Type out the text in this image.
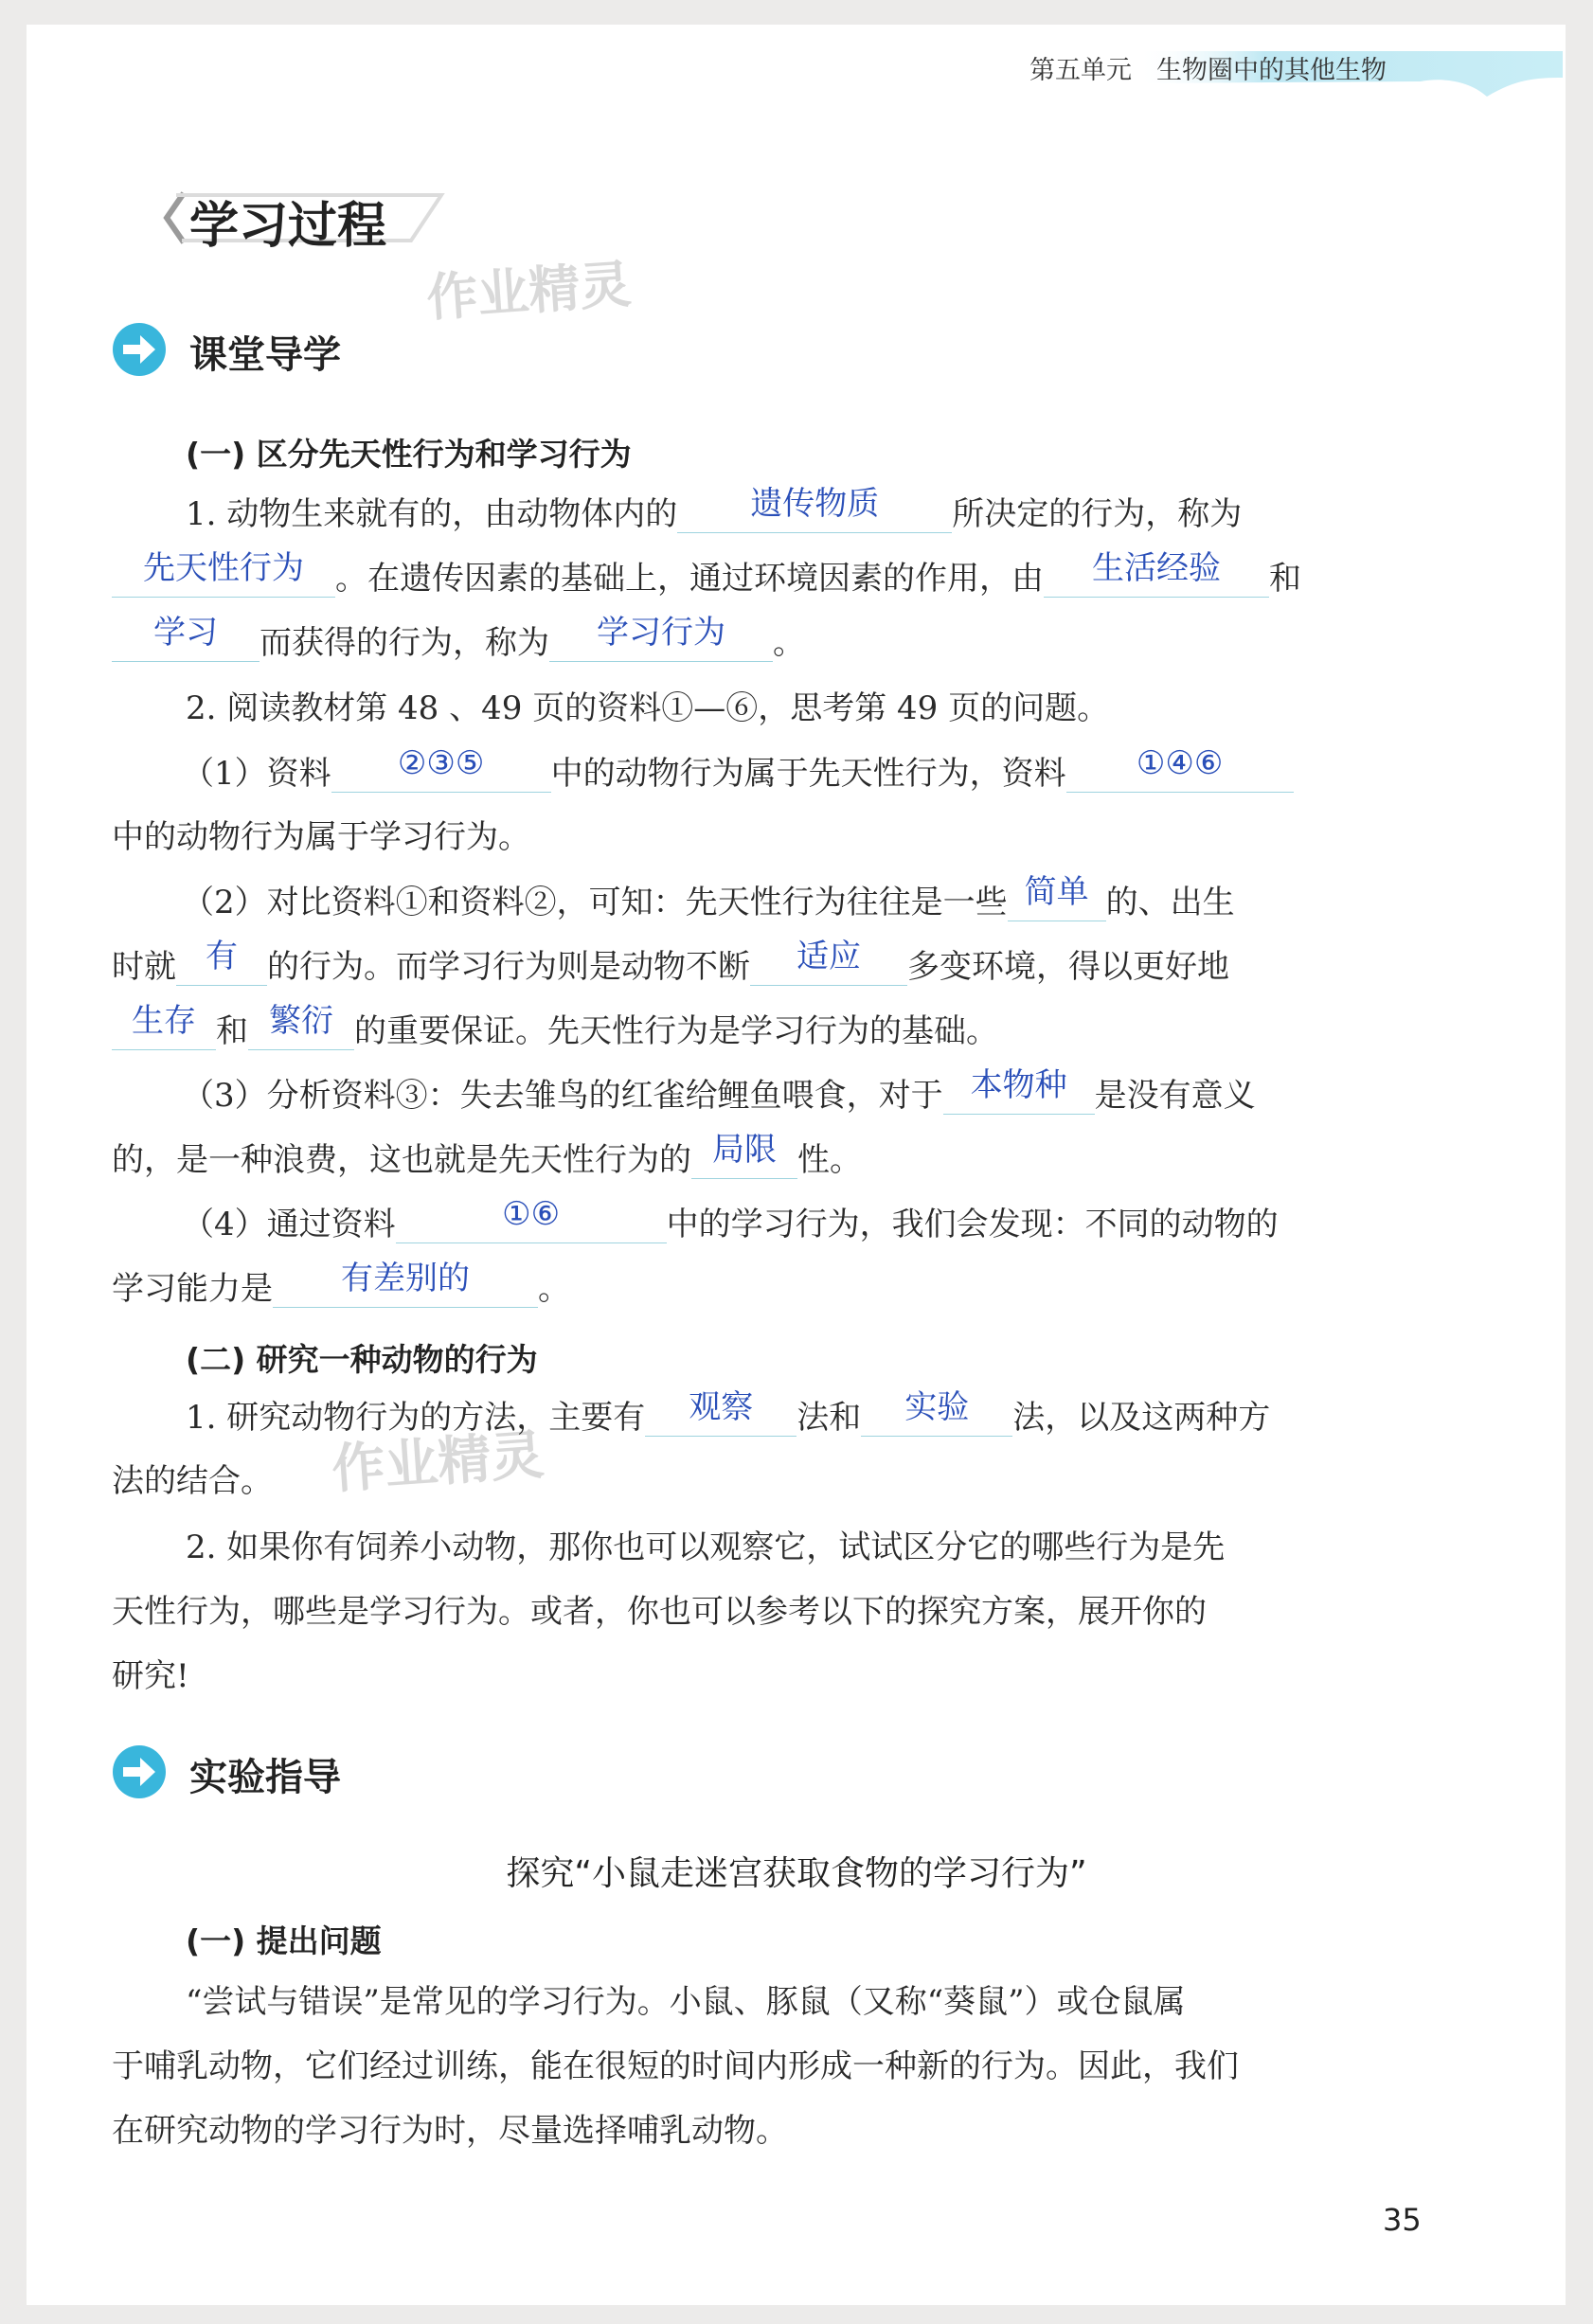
第五单元 生物圈中的其他生物
学习过程
作业精灵
作业精灵
课堂导学
(一) 区分先天性行为和学习行为
1. 动物生来就有的，由动物体内的	遗传物质	所决定的行为，称为
先天性行为 。在遗传因素的基础上，通过环境因素的作用，由	生活经验	和
学习	而获得的行为，称为	学习行为	。
2. 阅读教材第 48 、49 页的资料①—⑥，思考第 49 页的问题。
（1）资料	②③⑤	中的动物行为属于先天性行为，资料	①④⑥
中的动物行为属于学习行为。
（2）对比资料①和资料②，可知：先天性行为往往是一些 简单 的、出生
时就 有 的行为。而学习行为则是动物不断	适应	多变环境，得以更好地
生存 和 繁衍 的重要保证。先天性行为是学习行为的基础。
（3）分析资料③：失去雏鸟的红雀给鲤鱼喂食，对于 本物种 是没有意义
的，是一种浪费，这也就是先天性行为的 局限 性。
（4）通过资料	①⑥	中的学习行为，我们会发现：不同的动物的
学习能力是	有差别的	。
(二) 研究一种动物的行为
1. 研究动物行为的方法，主要有	观察	法和	实验	法，以及这两种方
法的结合。
2. 如果你有饲养小动物，那你也可以观察它，试试区分它的哪些行为是先
天性行为，哪些是学习行为。或者，你也可以参考以下的探究方案，展开你的
研究!
实验指导
探究“小鼠走迷宫获取食物的学习行为”
(一) 提出问题
“尝试与错误”是常见的学习行为。小鼠、豚鼠（又称“葵鼠”）或仓鼠属
于哺乳动物，它们经过训练，能在很短的时间内形成一种新的行为。因此，我们
在研究动物的学习行为时，尽量选择哺乳动物。
35
